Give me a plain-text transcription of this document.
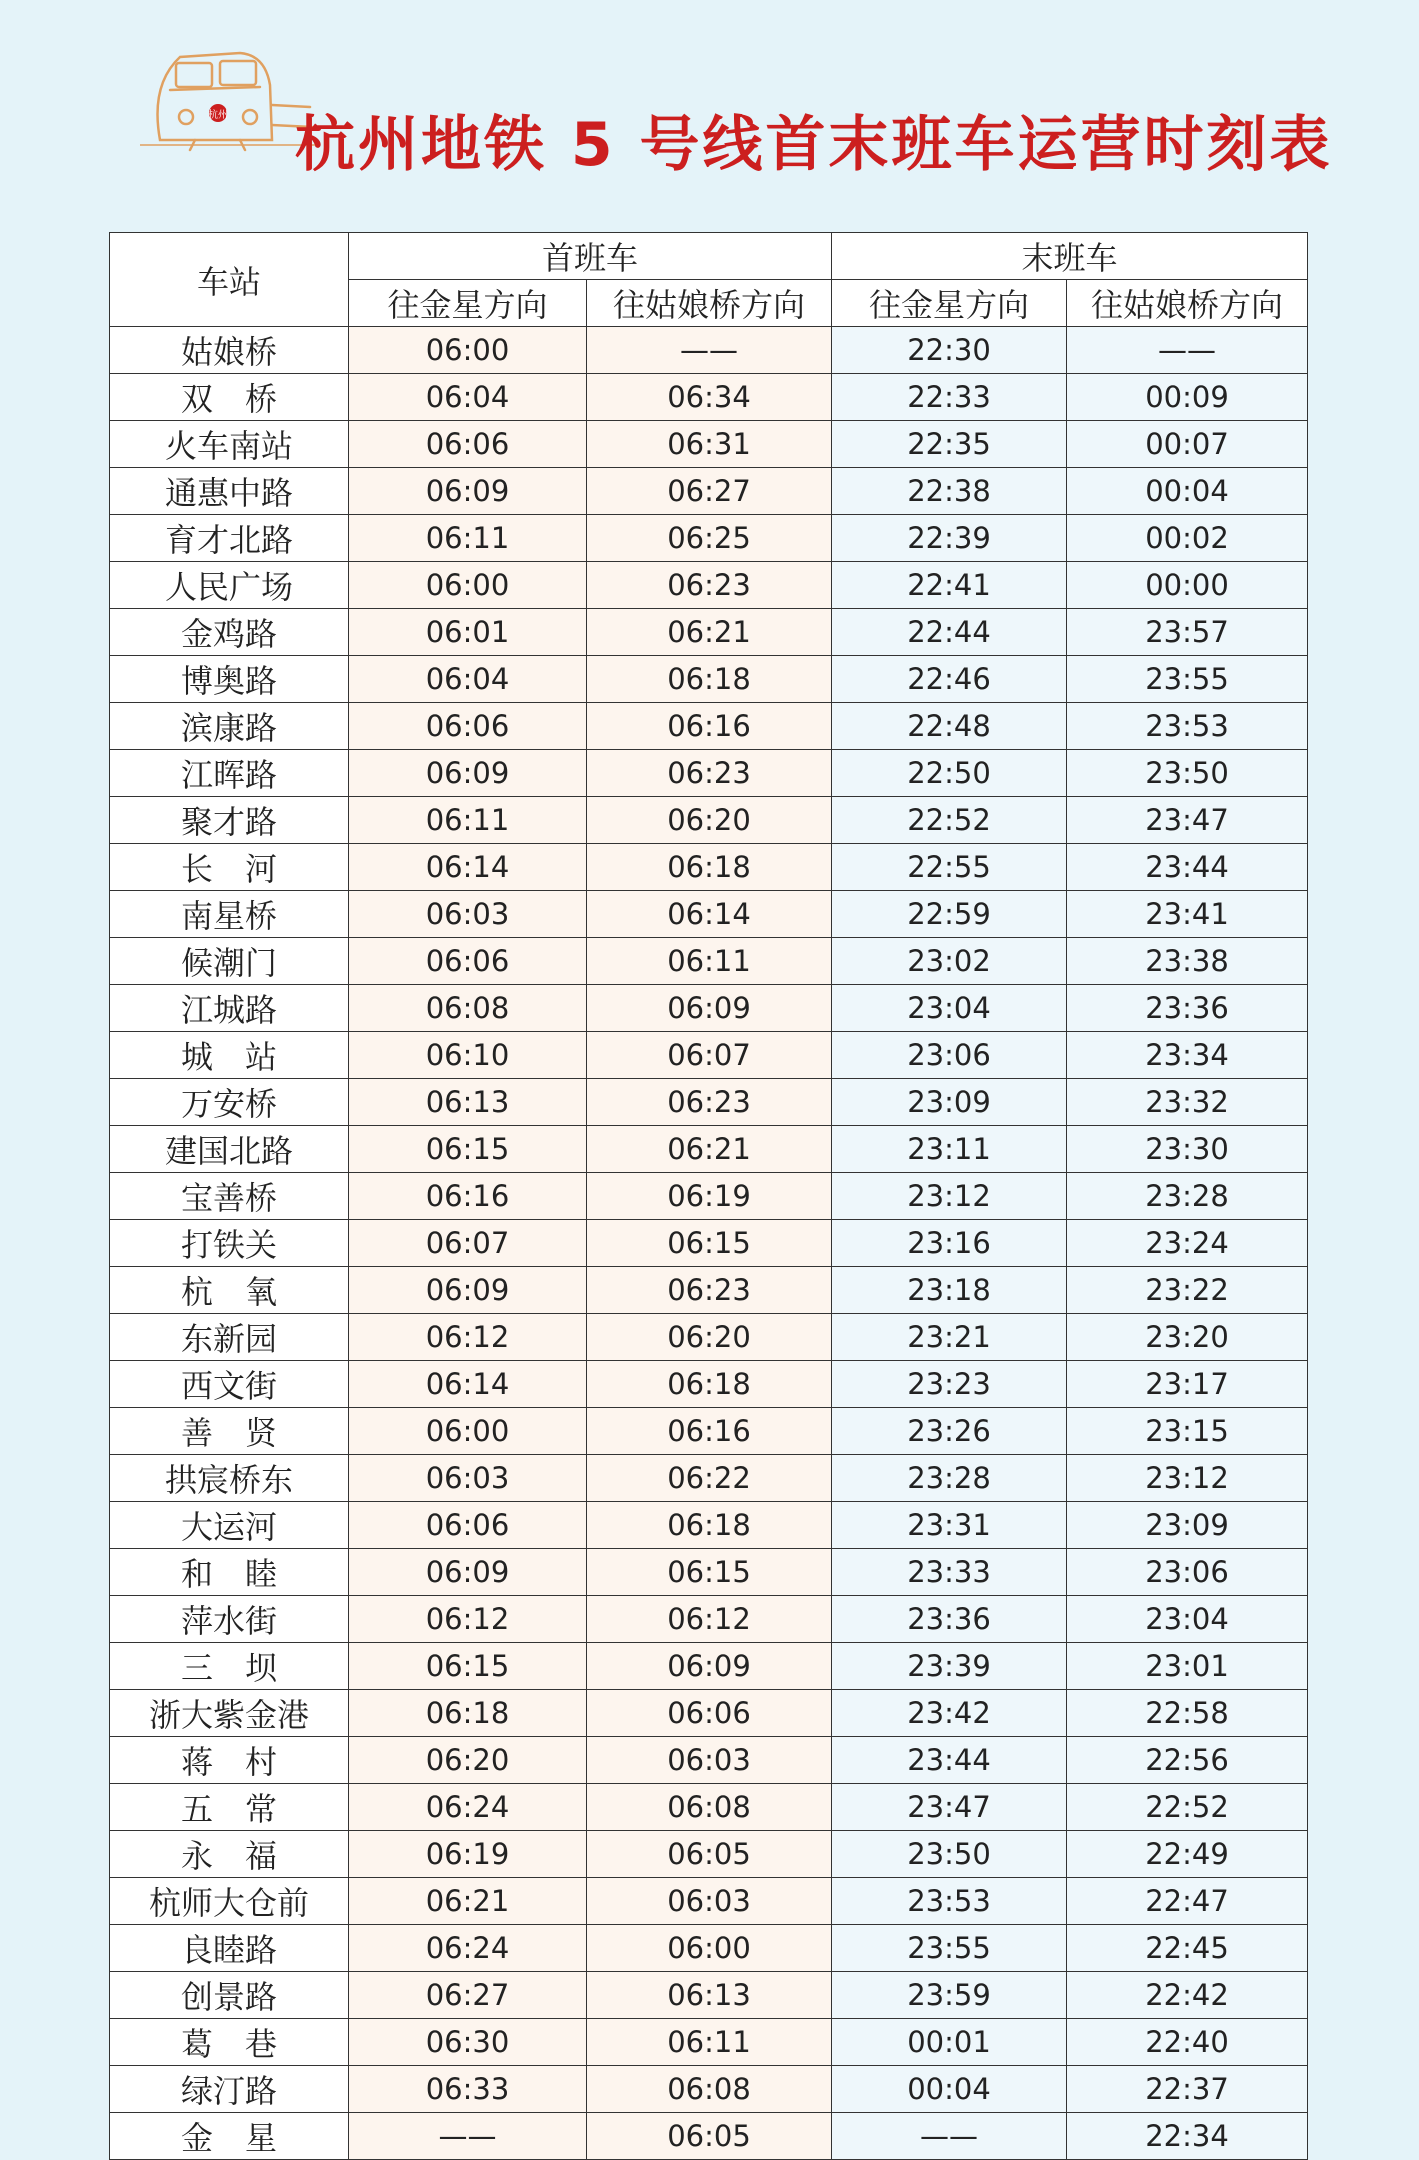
杭州 杭州地铁 5 号线首末班车运营时刻表
车站	首班车		末班车	
	往金星方向	往姑娘桥方向	往金星方向	往姑娘桥方向
姑娘桥	06:00	——	22:30	——
双　桥	06:04	06:34	22:33	00:09
火车南站	06:06	06:31	22:35	00:07
通惠中路	06:09	06:27	22:38	00:04
育才北路	06:11	06:25	22:39	00:02
人民广场	06:00	06:23	22:41	00:00
金鸡路	06:01	06:21	22:44	23:57
博奥路	06:04	06:18	22:46	23:55
滨康路	06:06	06:16	22:48	23:53
江晖路	06:09	06:23	22:50	23:50
聚才路	06:11	06:20	22:52	23:47
长　河	06:14	06:18	22:55	23:44
南星桥	06:03	06:14	22:59	23:41
候潮门	06:06	06:11	23:02	23:38
江城路	06:08	06:09	23:04	23:36
城　站	06:10	06:07	23:06	23:34
万安桥	06:13	06:23	23:09	23:32
建国北路	06:15	06:21	23:11	23:30
宝善桥	06:16	06:19	23:12	23:28
打铁关	06:07	06:15	23:16	23:24
杭　氧	06:09	06:23	23:18	23:22
东新园	06:12	06:20	23:21	23:20
西文街	06:14	06:18	23:23	23:17
善　贤	06:00	06:16	23:26	23:15
拱宸桥东	06:03	06:22	23:28	23:12
大运河	06:06	06:18	23:31	23:09
和　睦	06:09	06:15	23:33	23:06
萍水街	06:12	06:12	23:36	23:04
三　坝	06:15	06:09	23:39	23:01
浙大紫金港	06:18	06:06	23:42	22:58
蒋　村	06:20	06:03	23:44	22:56
五　常	06:24	06:08	23:47	22:52
永　福	06:19	06:05	23:50	22:49
杭师大仓前	06:21	06:03	23:53	22:47
良睦路	06:24	06:00	23:55	22:45
创景路	06:27	06:13	23:59	22:42
葛　巷	06:30	06:11	00:01	22:40
绿汀路	06:33	06:08	00:04	22:37
金　星	——	06:05	——	22:34
